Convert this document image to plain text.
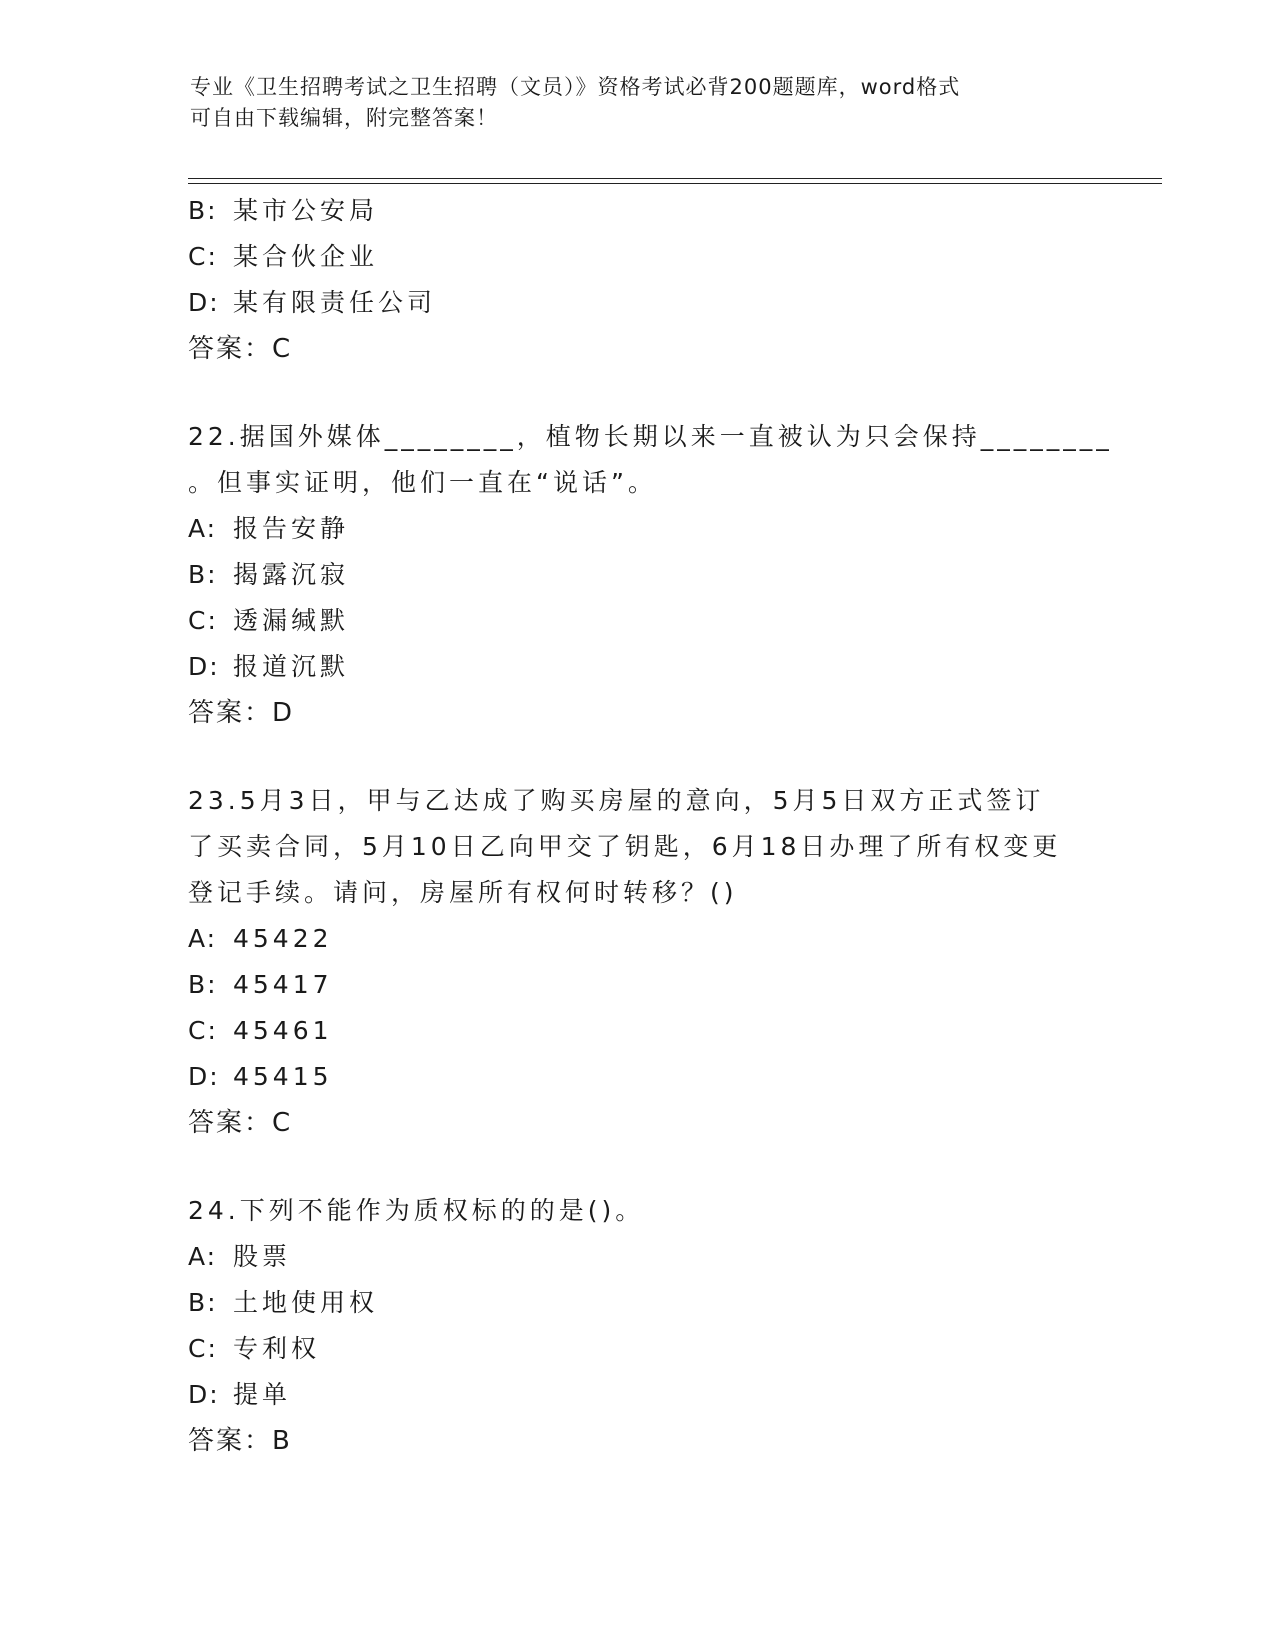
专业《卫生招聘考试之卫生招聘（文员）》资格考试必背200题题库，word格式
可自由下载编辑，附完整答案！
B: 某市公安局
C: 某合伙企业
D: 某有限责任公司
答案：C
22.据国外媒体________，植物长期以来一直被认为只会保持________
。但事实证明，他们一直在“说话”。
A: 报告安静
B: 揭露沉寂
C: 透漏缄默
D: 报道沉默
答案：D
23.5月3日，甲与乙达成了购买房屋的意向，5月5日双方正式签订
了买卖合同，5月10日乙向甲交了钥匙，6月18日办理了所有权变更
登记手续。请问，房屋所有权何时转移？()
A: 45422
B: 45417
C: 45461
D: 45415
答案：C
24.下列不能作为质权标的的是()。
A: 股票
B: 土地使用权
C: 专利权
D: 提单
答案：B
